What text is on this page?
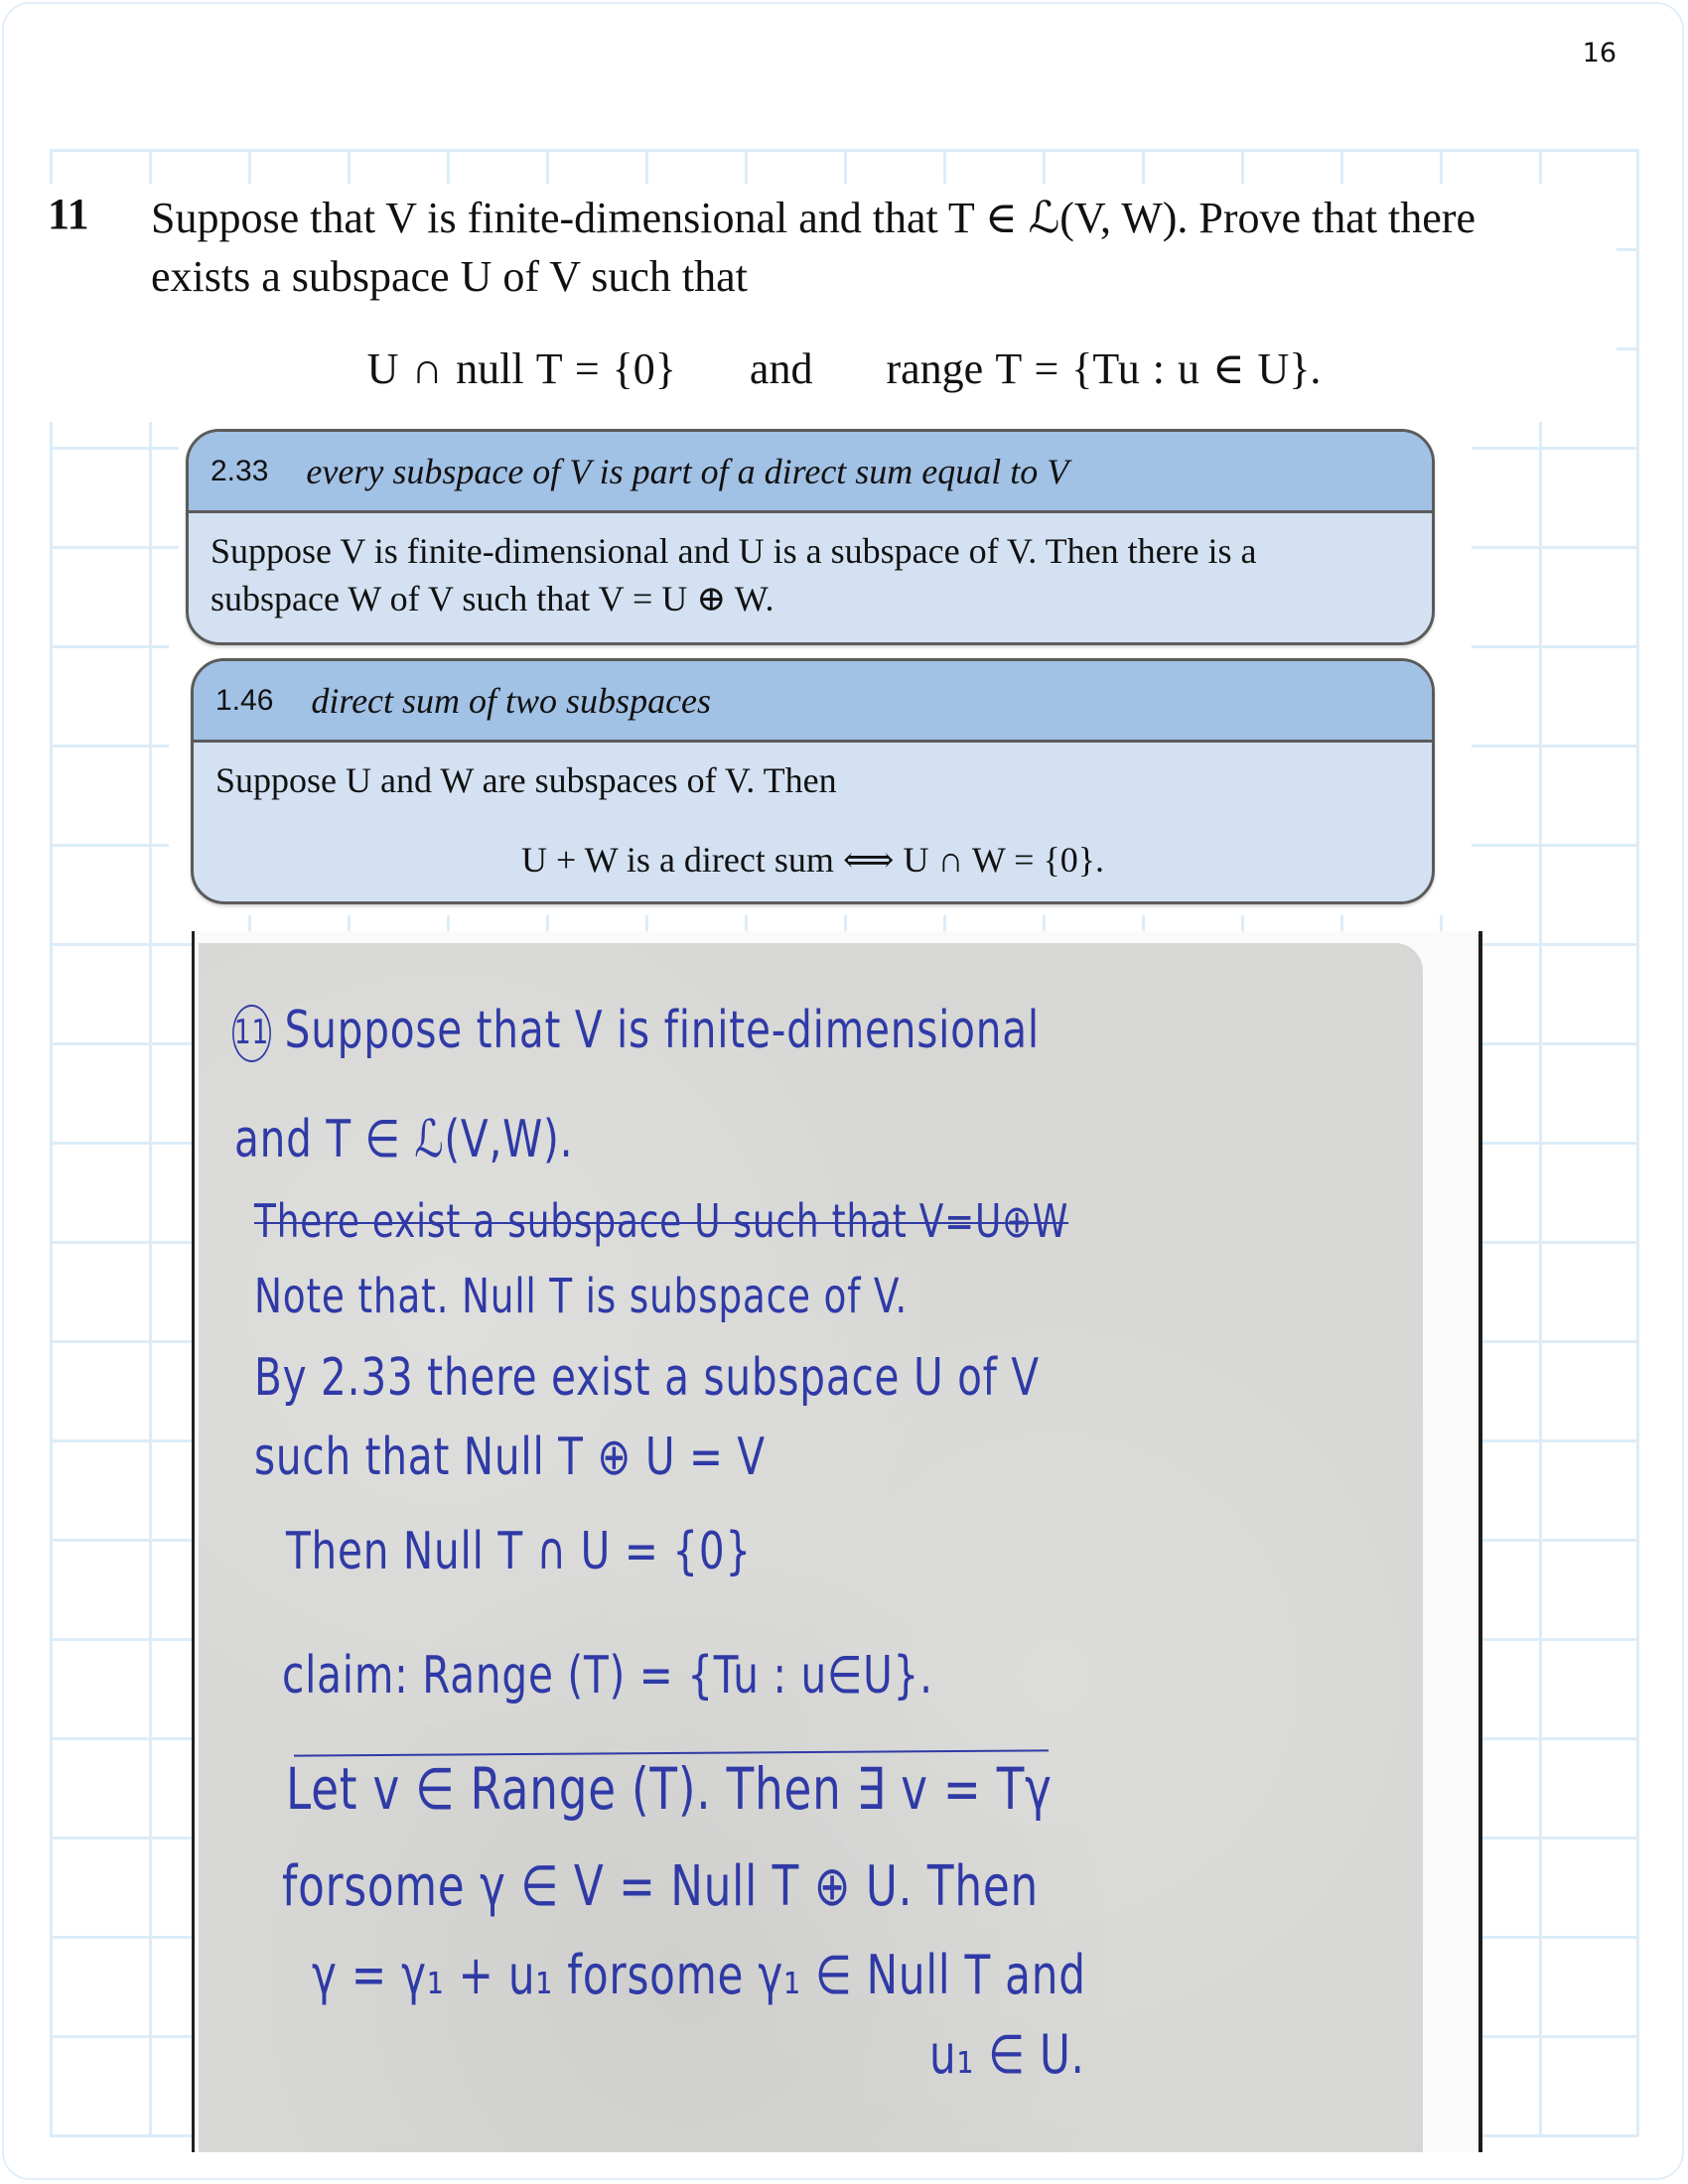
16
11 Suppose that V is finite-dimensional and that T ∈ ℒ(V, W). Prove that there
exists a subspace U of V such that
U ∩ null T = {0} and range T = {Tu : u ∈ U}.
2.33 every subspace of V is part of a direct sum equal to V
Suppose V is finite-dimensional and U is a subspace of V. Then there is a
subspace W of V such that V = U ⊕ W.
1.46 direct sum of two subspaces
Suppose U and W are subspaces of V. Then
U + W is a direct sum ⟺ U ∩ W = {0}.
11 Suppose that V is finite-dimensional
and T ∈ ℒ(V,W).
There exist a subspace U such that V=U⊕W
Note that. Null T is subspace of V.
By 2.33 there exist a subspace U of V
such that Null T ⊕ U = V
Then Null T ∩ U = {0}
claim: Range (T) = {Tu : u∈U}.
Let v ∈ Range (T). Then ∃ v = Tγ
forsome γ ∈ V = Null T ⊕ U. Then
γ = γ₁ + u₁ forsome γ₁ ∈ Null T and
u₁ ∈ U.
